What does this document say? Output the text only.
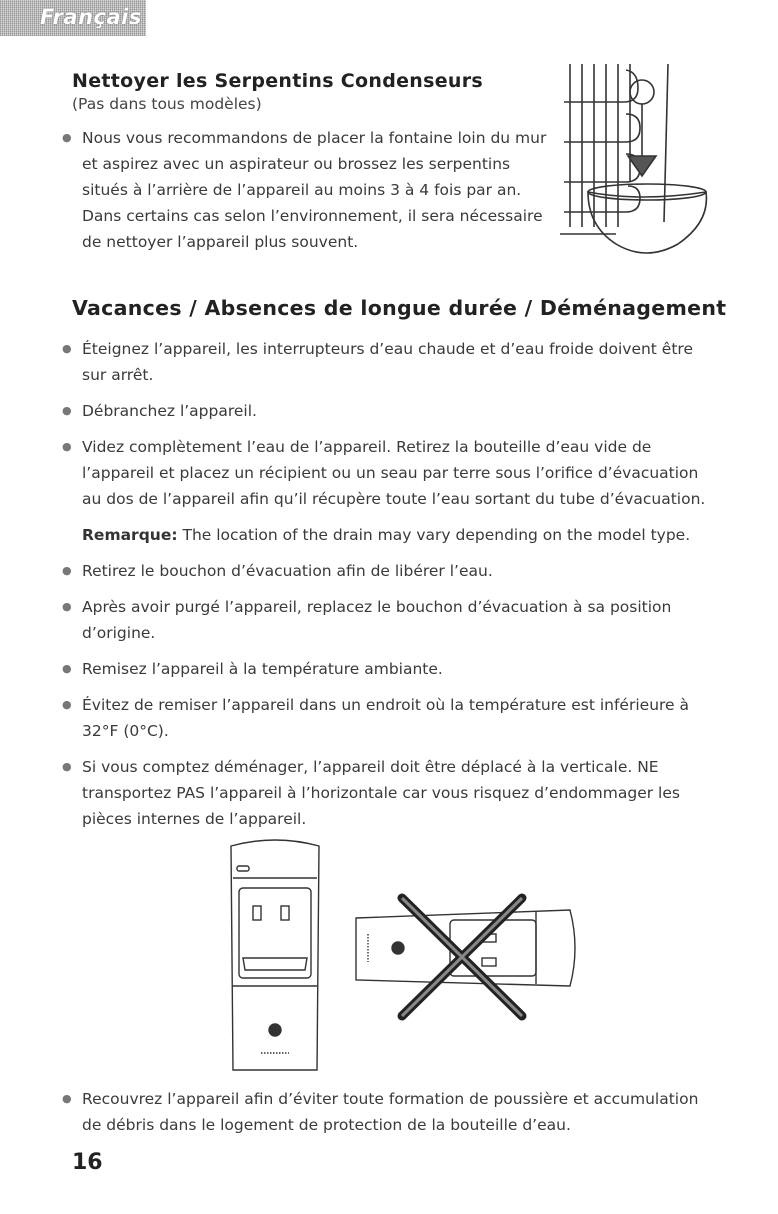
Français
Nettoyer les Serpentins Condenseurs
(Pas dans tous modèles)
● Nous vous recommandons de placer la fontaine loin du mur et aspirez avec un aspirateur ou brossez les serpentins situés à l’arrière de l’appareil au moins 3 à 4 fois par an. Dans certains cas selon l’environnement, il sera nécessaire de nettoyer l’appareil plus souvent.
Vacances / Absences de longue durée / Déménagement
● Éteignez l’appareil, les interrupteurs d’eau chaude et d’eau froide doivent être sur arrêt.
● Débranchez l’appareil.
● Videz complètement l’eau de l’appareil. Retirez la bouteille d’eau vide de l’appareil et placez un récipient ou un seau par terre sous l’orifice d’évacuation au dos de l’appareil afin qu’il récupère toute l’eau sortant du tube d’évacuation.
Remarque: The location of the drain may vary depending on the model type.
● Retirez le bouchon d’évacuation afin de libérer l’eau.
● Après avoir purgé l’appareil, replacez le bouchon d’évacuation à sa position d’origine.
● Remisez l’appareil à la température ambiante.
● Évitez de remiser l’appareil dans un endroit où la température est inférieure à 32°F (0°C).
● Si vous comptez déménager, l’appareil doit être déplacé à la verticale. NE transportez PAS l’appareil à l’horizontale car vous risquez d’endommager les pièces internes de l’appareil.
● Recouvrez l’appareil afin d’éviter toute formation de poussière et accumulation de débris dans le logement de protection de la bouteille d’eau.
16
